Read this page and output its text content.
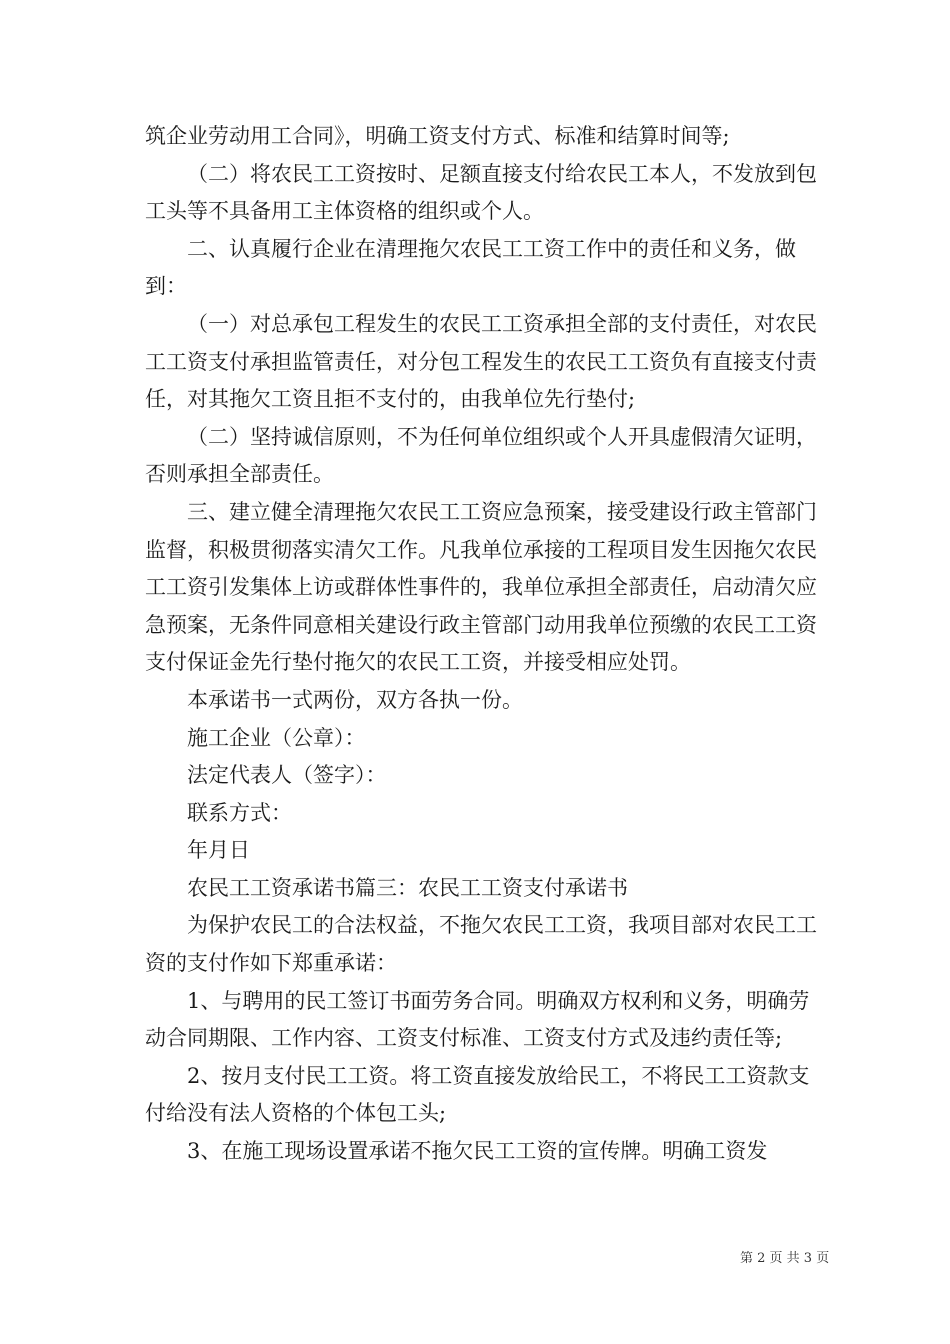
筑企业劳动用工合同》，明确工资支付方式、标准和结算时间等;

（二）将农民工工资按时、足额直接支付给农民工本人，不发放到包工头等不具备用工主体资格的组织或个人。

二、认真履行企业在清理拖欠农民工工资工作中的责任和义务，做到：

（一）对总承包工程发生的农民工工资承担全部的支付责任，对农民工工资支付承担监管责任，对分包工程发生的农民工工资负有直接支付责任，对其拖欠工资且拒不支付的，由我单位先行垫付;

（二）坚持诚信原则，不为任何单位组织或个人开具虚假清欠证明，否则承担全部责任。

三、建立健全清理拖欠农民工工资应急预案，接受建设行政主管部门监督，积极贯彻落实清欠工作。凡我单位承接的工程项目发生因拖欠农民工工资引发集体上访或群体性事件的，我单位承担全部责任，启动清欠应急预案，无条件同意相关建设行政主管部门动用我单位预缴的农民工工资支付保证金先行垫付拖欠的农民工工资，并接受相应处罚。

本承诺书一式两份，双方各执一份。

施工企业（公章）：

法定代表人（签字）：

联系方式：

年月日

农民工工资承诺书篇三：农民工工资支付承诺书

为保护农民工的合法权益，不拖欠农民工工资，我项目部对农民工工资的支付作如下郑重承诺：

1、与聘用的民工签订书面劳务合同。明确双方权利和义务，明确劳动合同期限、工作内容、工资支付标准、工资支付方式及违约责任等;

2、按月支付民工工资。将工资直接发放给民工，不将民工工资款支付给没有法人资格的个体包工头;

3、在施工现场设置承诺不拖欠民工工资的宣传牌。明确工资发

第 2 页 共 3 页
